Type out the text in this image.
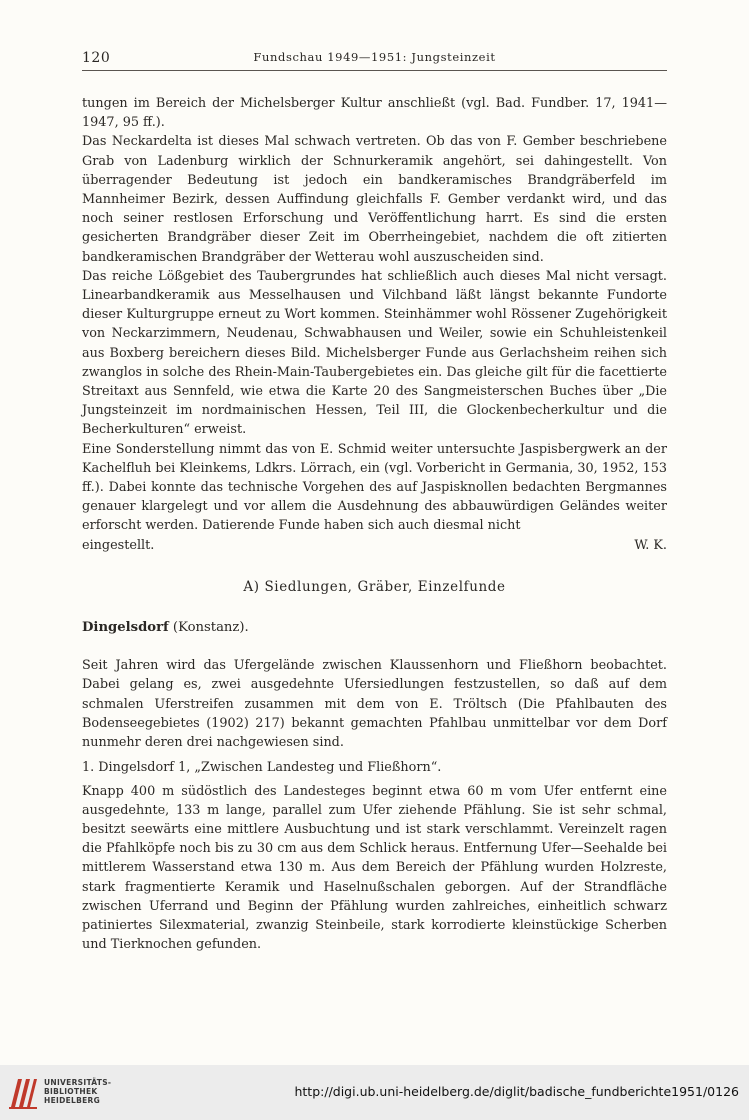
120	Fundschau 1949—1951: Jungsteinzeit

tungen im Bereich der Michelsberger Kultur anschließt (vgl. Bad. Fundber. 17, 1941—1947, 95 ff.).

Das Neckardelta ist dieses Mal schwach vertreten. Ob das von F. Gember beschriebene Grab von Ladenburg wirklich der Schnurkeramik angehört, sei dahingestellt. Von überragender Bedeutung ist jedoch ein bandkeramisches Brandgräberfeld im Mannheimer Bezirk, dessen Auffindung gleichfalls F. Gember verdankt wird, und das noch seiner restlosen Erforschung und Veröffentlichung harrt. Es sind die ersten gesicherten Brandgräber dieser Zeit im Oberrheingebiet, nachdem die oft zitierten bandkeramischen Brandgräber der Wetterau wohl auszuscheiden sind.

Das reiche Lößgebiet des Taubergrundes hat schließlich auch dieses Mal nicht versagt. Linearbandkeramik aus Messelhausen und Vilchband läßt längst bekannte Fundorte dieser Kulturgruppe erneut zu Wort kommen. Steinhämmer wohl Rössener Zugehörigkeit von Neckarzimmern, Neudenau, Schwabhausen und Weiler, sowie ein Schuhleistenkeil aus Boxberg bereichern dieses Bild. Michelsberger Funde aus Gerlachsheim reihen sich zwanglos in solche des Rhein-Main-Taubergebietes ein. Das gleiche gilt für die facettierte Streitaxt aus Sennfeld, wie etwa die Karte 20 des Sangmeisterschen Buches über „Die Jungsteinzeit im nordmainischen Hessen, Teil III, die Glockenbecherkultur und die Becherkulturen“ erweist.

Eine Sonderstellung nimmt das von E. Schmid weiter untersuchte Jaspisbergwerk an der Kachelfluh bei Kleinkems, Ldkrs. Lörrach, ein (vgl. Vorbericht in Germania, 30, 1952, 153 ff.). Dabei konnte das technische Vorgehen des auf Jaspisknollen bedachten Bergmannes genauer klargelegt und vor allem die Ausdehnung des abbauwürdigen Geländes weiter erforscht werden. Datierende Funde haben sich auch diesmal nicht

eingestellt.	W. K.
A) Siedlungen, Gräber, Einzelfunde
Dingelsdorf (Konstanz).

Seit Jahren wird das Ufergelände zwischen Klaussenhorn und Fließhorn beobachtet. Dabei gelang es, zwei ausgedehnte Ufersiedlungen festzustellen, so daß auf dem schmalen Uferstreifen zusammen mit dem von E. Tröltsch (Die Pfahlbauten des Bodenseegebietes (1902) 217) bekannt gemachten Pfahlbau unmittelbar vor dem Dorf nunmehr deren drei nachgewiesen sind.

1. Dingelsdorf 1, „Zwischen Landesteg und Fließhorn“.

Knapp 400 m südöstlich des Landesteges beginnt etwa 60 m vom Ufer entfernt eine ausgedehnte, 133 m lange, parallel zum Ufer ziehende Pfählung. Sie ist sehr schmal, besitzt seewärts eine mittlere Ausbuchtung und ist stark verschlammt. Vereinzelt ragen die Pfahlköpfe noch bis zu 30 cm aus dem Schlick heraus. Entfernung Ufer—Seehalde bei mittlerem Wasserstand etwa 130 m. Aus dem Bereich der Pfählung wurden Holzreste, stark fragmentierte Keramik und Haselnußschalen geborgen. Auf der Strandfläche zwischen Uferrand und Beginn der Pfählung wurden zahlreiches, einheitlich schwarz patiniertes Silexmaterial, zwanzig Steinbeile, stark korrodierte kleinstückige Scherben und Tierknochen gefunden.

UNIVERSITÄTS-
BIBLIOTHEK
HEIDELBERG
http://digi.ub.uni-heidelberg.de/diglit/badische_fundberichte1951/0126
